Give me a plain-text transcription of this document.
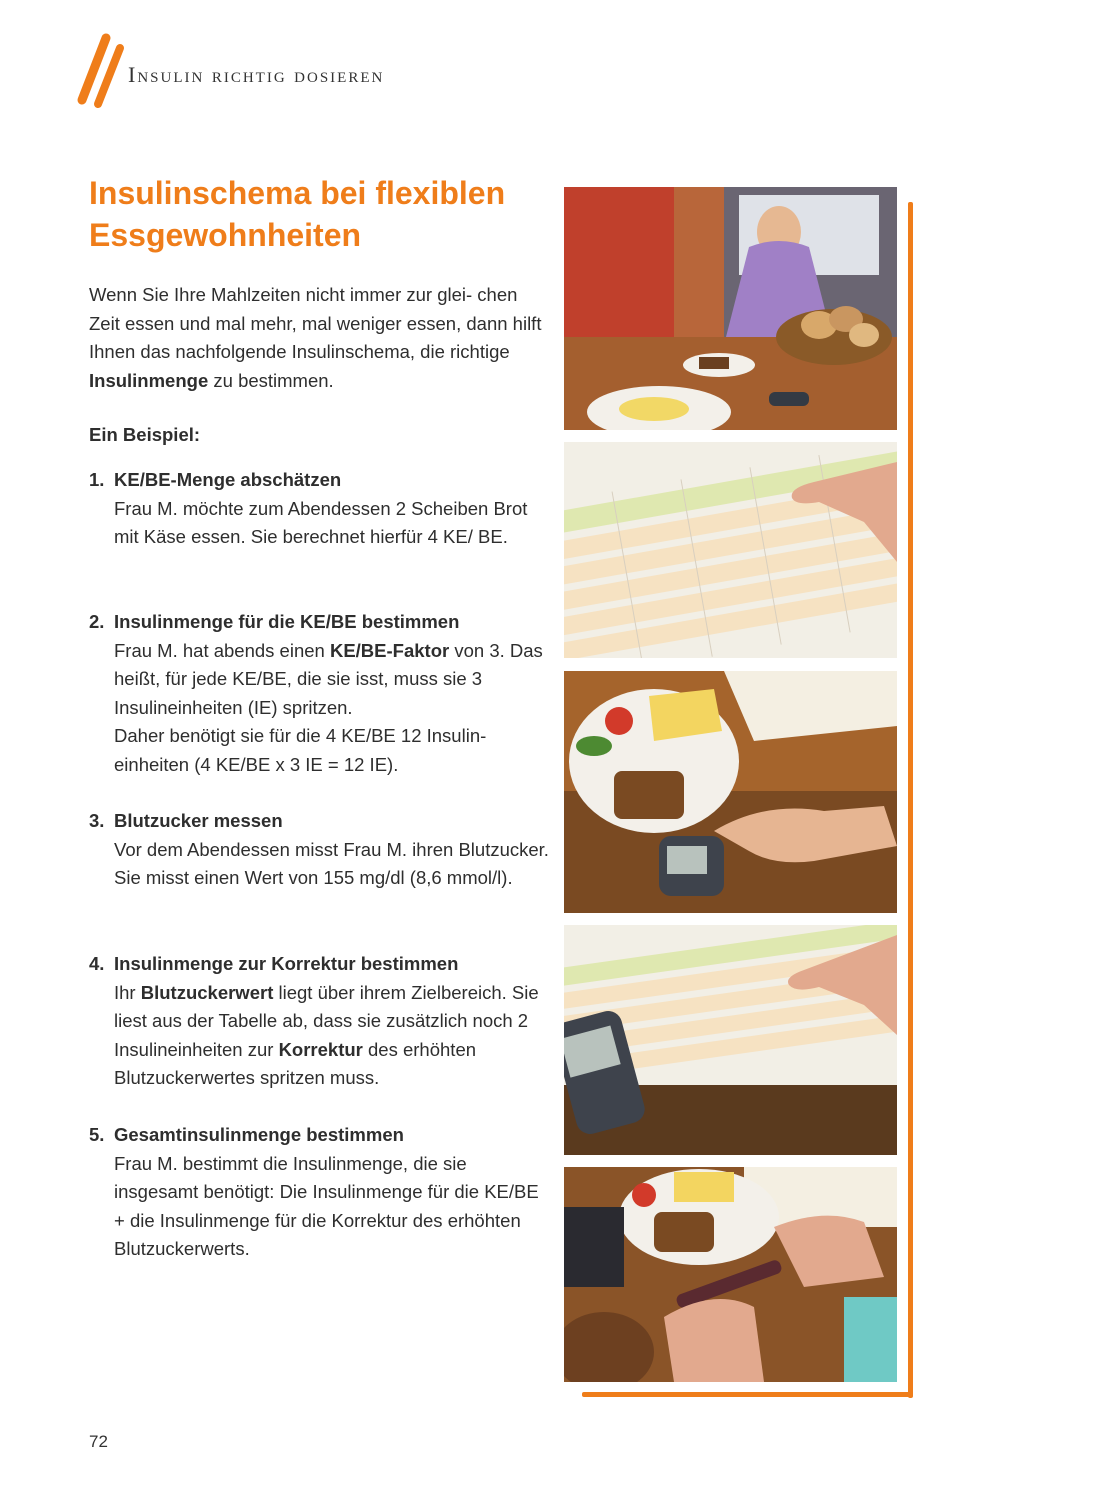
Insulin richtig dosieren
Insulinschema bei flexiblen
Essgewohnheiten

Wenn Sie Ihre Mahlzeiten nicht immer zur glei- chen Zeit essen und mal mehr, mal weniger essen, dann hilft Ihnen das nachfolgende Insulinschema, die richtige Insulinmenge zu bestimmen.

Ein Beispiel:

1. KE/BE-Menge abschätzen

Frau M. möchte zum Abendessen 2 Scheiben Brot mit Käse essen. Sie berechnet hierfür 4 KE/ BE.

2. Insulinmenge für die KE/BE bestimmen

Frau M. hat abends einen KE/BE-Faktor von 3. Das heißt, für jede KE/BE, die sie isst, muss sie 3 Insulineinheiten (IE) spritzen.

Daher benötigt sie für die 4 KE/BE 12 Insulin- einheiten (4 KE/BE x 3 IE = 12 IE).

3. Blutzucker messen

Vor dem Abendessen misst Frau M. ihren Blutzucker. Sie misst einen Wert von 155 mg/dl (8,6 mmol/l).

4. Insulinmenge zur Korrektur bestimmen

Ihr Blutzuckerwert liegt über ihrem Zielbereich. Sie liest aus der Tabelle ab, dass sie zusätzlich noch 2 Insulineinheiten zur Korrektur des erhöhten Blutzuckerwertes spritzen muss.

5. Gesamtinsulinmenge bestimmen

Frau M. bestimmt die Insulinmenge, die sie insgesamt benötigt: Die Insulinmenge für die KE/BE + die Insulinmenge für die Korrektur des erhöhten Blutzuckerwerts.

72
